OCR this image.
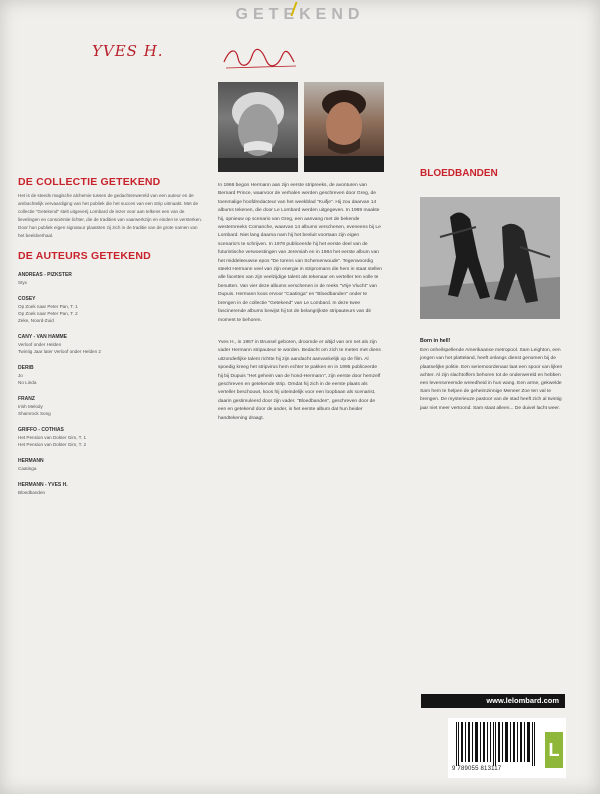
GETEKEND
YVES H.
DE COLLECTIE GETEKEND
Het is de steeds magische alchemie tussen de gedachtenwereld van een auteur en de ambachtelijk vervaardiging van het publiek die het succes van een strip uitmaakt. Met de collectie "Getekend" stelt uitgeverij Lombard de lezer voor aan telkens een van de lievelingen en consciëntie lichter, die de tradities van vaarwerkzijn en einden te versterken. Door hun publiek eigen signatuur plaatsten zij zich in de traditie van de grote namen van het beeldverhaal.
DE AUTEURS GETEKEND
ANDREAS - PIZKSTER
Styx
COSEY
Op Zoek naar Peter Pan, T. 1
Op Zoek naar Peter Pan, T. 2
Zeke, Noord-Zuid
CANY - VAN HAMME
Verloof onder Helden
Twintig Jaar later Verloof onder Helden 2
DERIB
Jo
No Linda
FRANZ
Irish Melody
Shamrock Song
GRIFFO - COTHIAS
Het Pension van Dokter Gim, T. 1
Het Pension van Dokter Gim, T. 2
HERMANN
Caatinga
HERMANN - YVES H.
Bloedbanden

In 1966 begon Hermann aan zijn eerste stripreeks, de avonturen van Bernard Prince, waarvoor de verhalen werden geschreven door Greg, de toenmalige hoofdredacteur van het weekblad "Kuifje". Hij zou daarvan 14 albums tekenen, die door Le Lombard werden uitgegeven. In 1969 maakte hij, opnieuw op scenario van Greg, een aanvang met de bekende westernreeks Comanche, waarvan 14 albums verschenen, eveneens bij Le Lombard. Niet lang daarna nam hij het besluit voortaan zijn eigen scenario's te schrijven. In 1978 publiceerde hij het eerste deel van de futuristische verwoestingen van Jeremiah en in 1984 het eerste album van het middeleeuwse epos "De torens van Schemerwoude". Tegenwoordig steekt Hermann veel van zijn energie in stripromans die hem in staat stellen alle facetten van zijn veelzijdige talent als tekenaar en verteller ten volle te benutten. Van vier deze albums verschenen in de reeks "Vrije Vlucht" van Dupuis. Hermann koos ervoor "Caatinga" en "Bloedbanden" onder te brengen in de collectie "Getekend" van Le Lombard. In deze twee fascinerende albums bewijst hij tot de belangrijkste stripauteurs van dit moment te behoren.

Yves H., in 1967 in Brussel geboren, droomde er altijd van om net als zijn vader Hermann stripauteur te worden. Bedacht om zich te meten met diens uitzonderlijke talent richtte hij zijn aandacht aanvankelijk op de film. Al spoedig kreeg het stripvirus hem echter te pakken en in 1995 publiceerde hij bij Dupuis "Het geheim van de hond-Hermann", zijn eerste door hemzelf geschreven en getekende strip. Omdat hij zich in de eerste plaats als verteller beschouwt, koos hij uiteindelijk voor een loopbaan als scenarist, daarin gestimuleerd door zijn vader. "Bloedbanden", geschreven door de een en getekend door de ander, is het eerste album dat hun beider handtekening draagt.

BLOEDBANDEN
Born in hell!

Een onheilspellende Amerikaanse metropool. Sam Leighton, een jongen van het platteland, heeft onlangs dienst genomen bij de plaatselijke politie. Een seriemoordenaar laat een spoor van lijken achter. Al zijn slachtoffers behoren tot de onderwereld en hebben een levensvreemde wreedheid in hun wang. Een arme, gekwelde Sam hem te helpen de geheimzinnige Meneer Zoe ten val te brengen. De mysterieuze pastoor van de stad heeft zich al twintig jaar niet meer vertoond. Sam staat alleen... De duivel lacht weer.

www.lelombard.com
9 789055 813117
L
